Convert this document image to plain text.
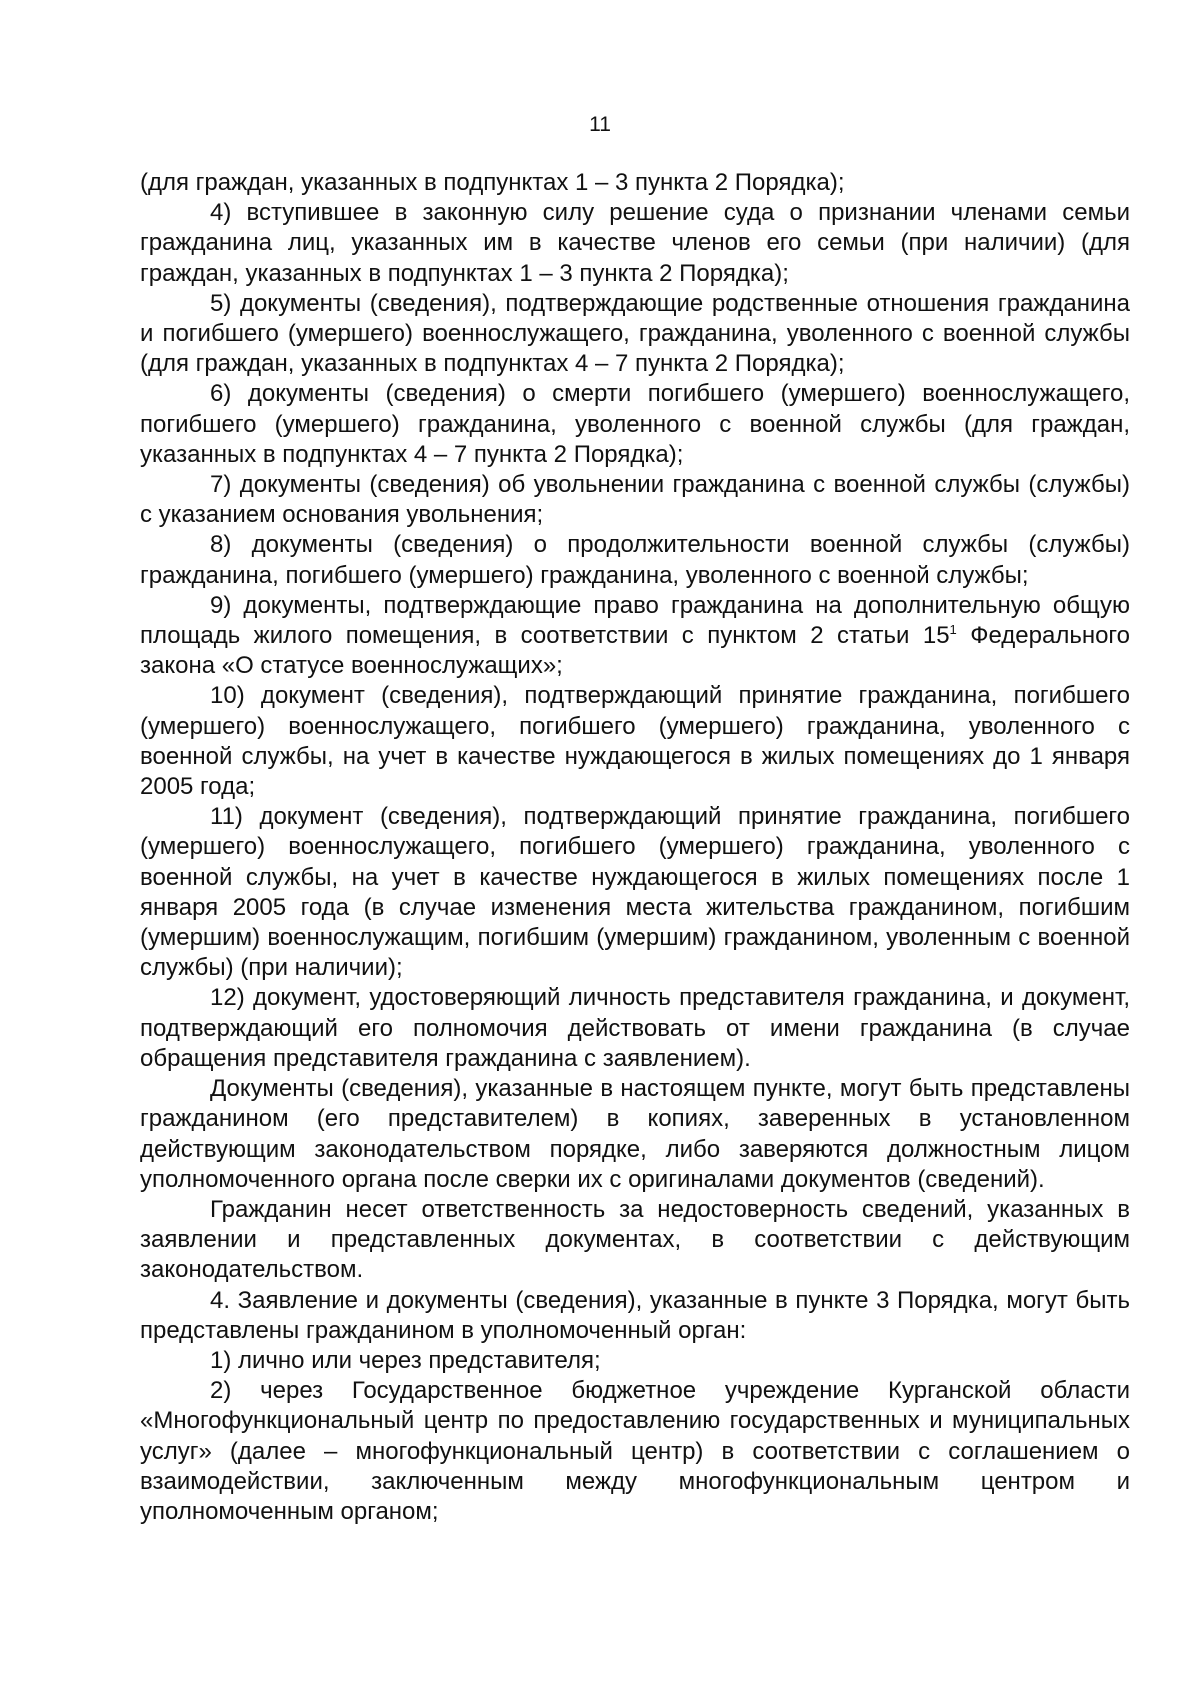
11

(для граждан, указанных в подпунктах 1 – 3 пункта 2 Порядка);

4) вступившее в законную силу решение суда о признании членами семьи гражданина лиц, указанных им в качестве членов его семьи (при наличии) (для граждан, указанных в подпунктах 1 – 3 пункта 2 Порядка);

5) документы (сведения), подтверждающие родственные отношения гражданина и погибшего (умершего) военнослужащего, гражданина, уволенного с военной службы (для граждан, указанных в подпунктах 4 – 7 пункта 2 Порядка);

6) документы (сведения) о смерти погибшего (умершего) военнослужащего, погибшего (умершего) гражданина, уволенного с военной службы (для граждан, указанных в подпунктах 4 – 7 пункта 2 Порядка);

7) документы (сведения) об увольнении гражданина с военной службы (службы) с указанием основания увольнения;

8) документы (сведения) о продолжительности военной службы (службы) гражданина, погибшего (умершего) гражданина, уволенного с военной службы;

9) документы, подтверждающие право гражданина на дополнительную общую площадь жилого помещения, в соответствии с пунктом 2 статьи $15^1$ Федерального закона «О статусе военнослужащих»;

10) документ (сведения), подтверждающий принятие гражданина, погибшего (умершего) военнослужащего, погибшего (умершего) гражданина, уволенного с военной службы, на учет в качестве нуждающегося в жилых помещениях до 1 января 2005 года;

11) документ (сведения), подтверждающий принятие гражданина, погибшего (умершего) военнослужащего, погибшего (умершего) гражданина, уволенного с военной службы, на учет в качестве нуждающегося в жилых помещениях после 1 января 2005 года (в случае изменения места жительства гражданином, погибшим (умершим) военнослужащим, погибшим (умершим) гражданином, уволенным с военной службы) (при наличии);

12) документ, удостоверяющий личность представителя гражданина, и документ, подтверждающий его полномочия действовать от имени гражданина (в случае обращения представителя гражданина с заявлением).

Документы (сведения), указанные в настоящем пункте, могут быть представлены гражданином (его представителем) в копиях, заверенных в установленном действующим законодательством порядке, либо заверяются должностным лицом уполномоченного органа после сверки их с оригиналами документов (сведений).

Гражданин несет ответственность за недостоверность сведений, указанных в заявлении и представленных документах, в соответствии с действующим законодательством.

4. Заявление и документы (сведения), указанные в пункте 3 Порядка, могут быть представлены гражданином в уполномоченный орган:

1) лично или через представителя;

2) через Государственное бюджетное учреждение Курганской области «Многофункциональный центр по предоставлению государственных и муниципальных услуг» (далее – многофункциональный центр) в соответствии с соглашением о взаимодействии, заключенным между многофункциональным центром и уполномоченным органом;
